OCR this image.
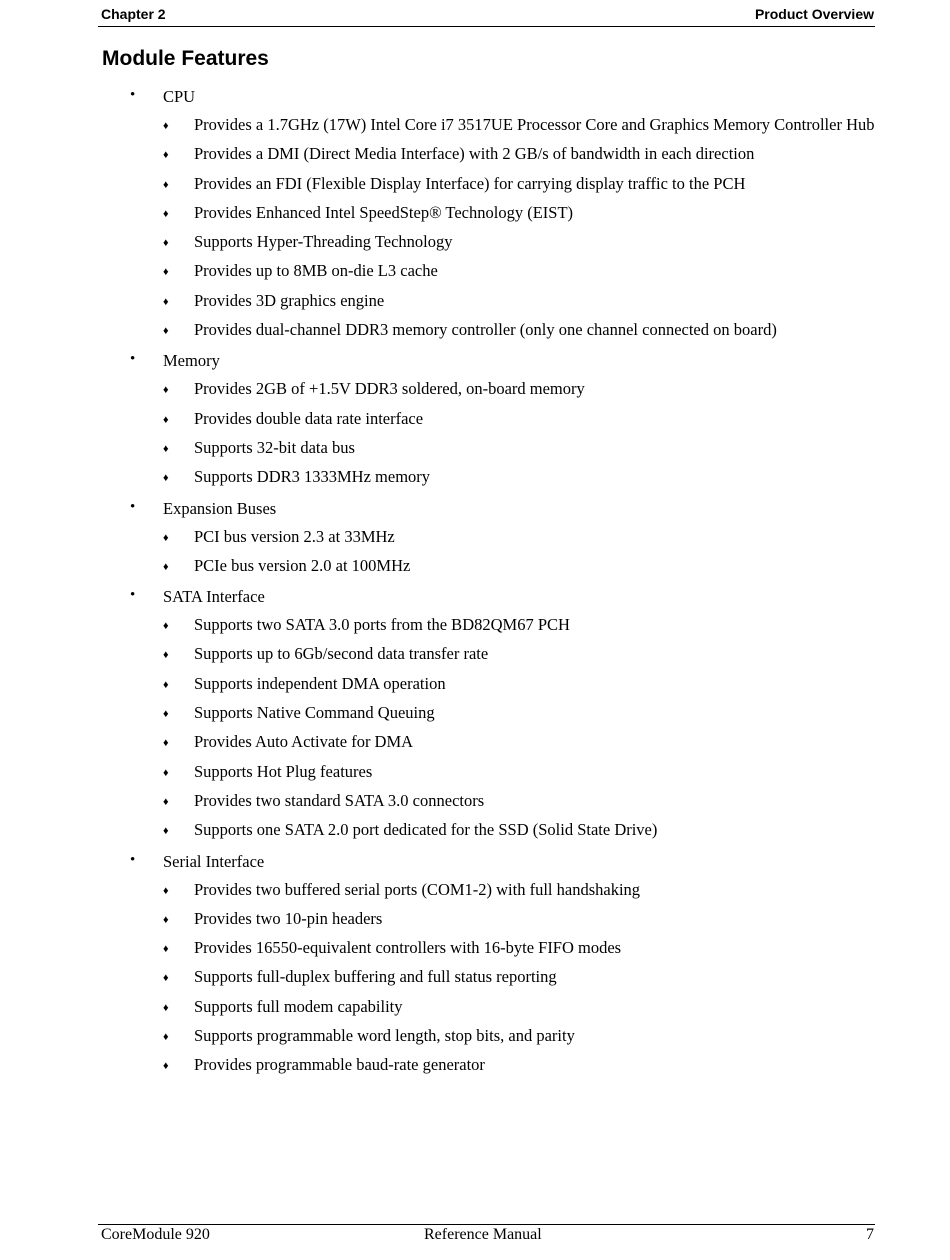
Chapter 2	Product Overview
Module Features
• CPU
♦ Provides a 1.7GHz (17W) Intel Core i7 3517UE Processor Core and Graphics Memory Controller Hub
♦ Provides a DMI (Direct Media Interface) with 2 GB/s of bandwidth in each direction
♦ Provides an FDI (Flexible Display Interface) for carrying display traffic to the PCH
♦ Provides Enhanced Intel SpeedStep® Technology (EIST)
♦ Supports Hyper-Threading Technology
♦ Provides up to 8MB on-die L3 cache
♦ Provides 3D graphics engine
♦ Provides dual-channel DDR3 memory controller (only one channel connected on board)
• Memory
♦ Provides 2GB of +1.5V DDR3 soldered, on-board memory
♦ Provides double data rate interface
♦ Supports 32-bit data bus
♦ Supports DDR3 1333MHz memory
• Expansion Buses
♦ PCI bus version 2.3 at 33MHz
♦ PCIe bus version 2.0 at 100MHz
• SATA Interface
♦ Supports two SATA 3.0 ports from the BD82QM67 PCH
♦ Supports up to 6Gb/second data transfer rate
♦ Supports independent DMA operation
♦ Supports Native Command Queuing
♦ Provides Auto Activate for DMA
♦ Supports Hot Plug features
♦ Provides two standard SATA 3.0 connectors
♦ Supports one SATA 2.0 port dedicated for the SSD (Solid State Drive)
• Serial Interface
♦ Provides two buffered serial ports (COM1-2) with full handshaking
♦ Provides two 10-pin headers
♦ Provides 16550-equivalent controllers with 16-byte FIFO modes
♦ Supports full-duplex buffering and full status reporting
♦ Supports full modem capability
♦ Supports programmable word length, stop bits, and parity
♦ Provides programmable baud-rate generator
CoreModule 920	Reference Manual	7
